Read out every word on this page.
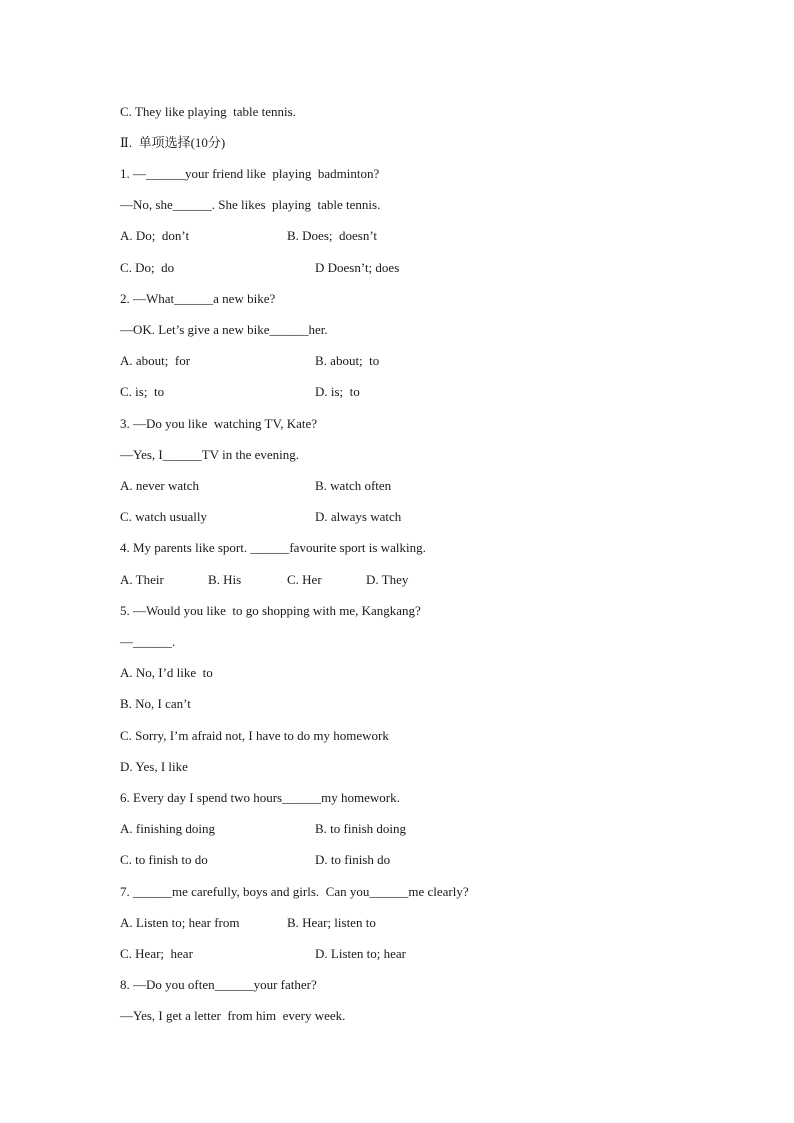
C. They like playing  table tennis.
Ⅱ.  单项选择(10分)
1. —______your friend like  playing  badminton?
—No, she______. She likes  playing  table tennis.
A. Do;  don’t	B. Does;  doesn’t
C. Do;  do	D Doesn’t; does
2. —What______a new bike?
—OK. Let’s give a new bike______her.
A. about;  for	B. about;  to
C. is;  to	D. is;  to
3. —Do you like  watching TV, Kate?
—Yes, I______TV in the evening.
A. never watch	B. watch often
C. watch usually	D. always watch
4. My parents like sport. ______favourite sport is walking.
A. Their	B. His	C. Her	D. They
5. —Would you like  to go shopping with me, Kangkang?
—______.
A. No, I’d like  to
B. No, I can’t
C. Sorry, I’m afraid not, I have to do my homework
D. Yes, I like
6. Every day I spend two hours______my homework.
A. finishing doing	B. to finish doing
C. to finish to do	D. to finish do
7. ______me carefully, boys and girls.  Can you______me clearly?
A. Listen to; hear from	B. Hear; listen to
C. Hear;  hear	D. Listen to; hear
8. —Do you often______your father?
—Yes, I get a letter  from him  every week.
